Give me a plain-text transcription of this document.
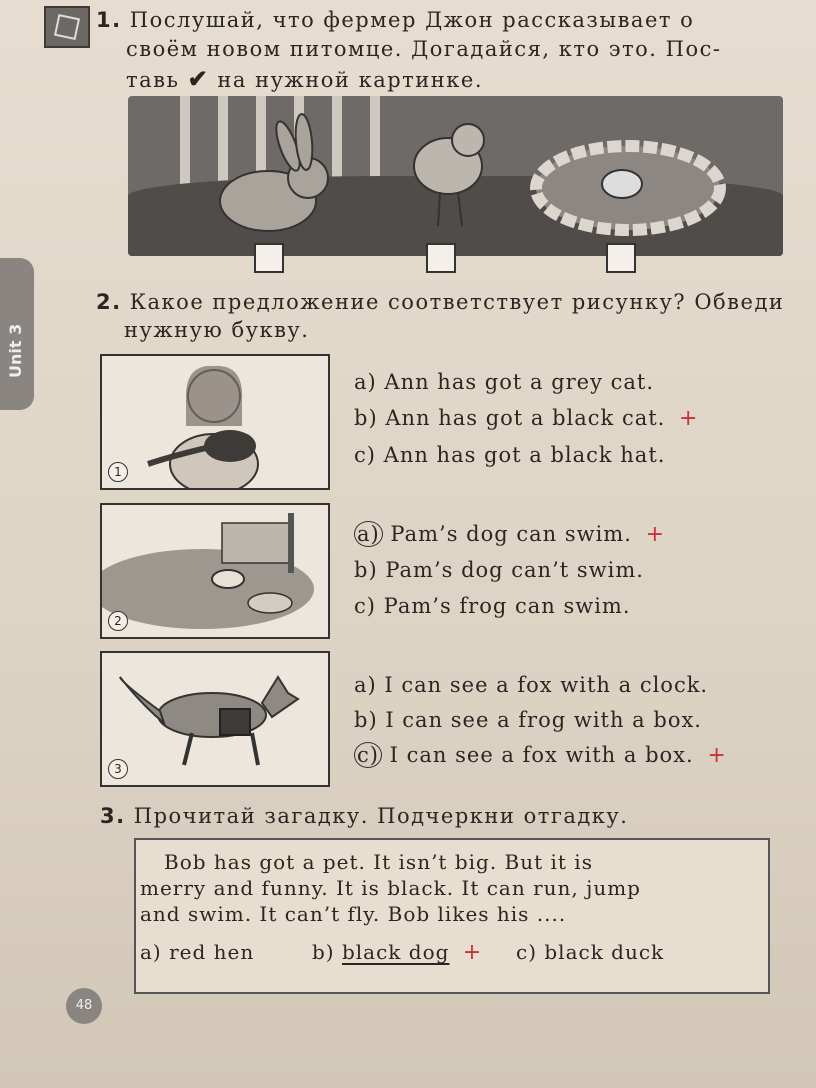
Unit 3

1. Послушай, что фермер Джон рассказывает о

своём новом питомце. Догадайся, кто это. Пос-

тавь ✔ на нужной картинке.

2. Какое предложение соответствует рисунку? Обведи

нужную букву.

1
a) Ann has got a grey cat.
b) Ann has got a black cat. +
c) Ann has got a black hat.
2
a) Pam’s dog can swim. +
b) Pam’s dog can’t swim.
c) Pam’s frog can swim.
3
a) I can see a fox with a clock.
b) I can see a frog with a box.
c) I can see a fox with a box. +

3. Прочитай загадку. Подчеркни отгадку.

Bob has got a pet. It isn’t big. But it is
merry and funny. It is black. It can run, jump
and swim. It can’t fly. Bob likes his ....
a) red hen	b) black dog + c) black duck
48
